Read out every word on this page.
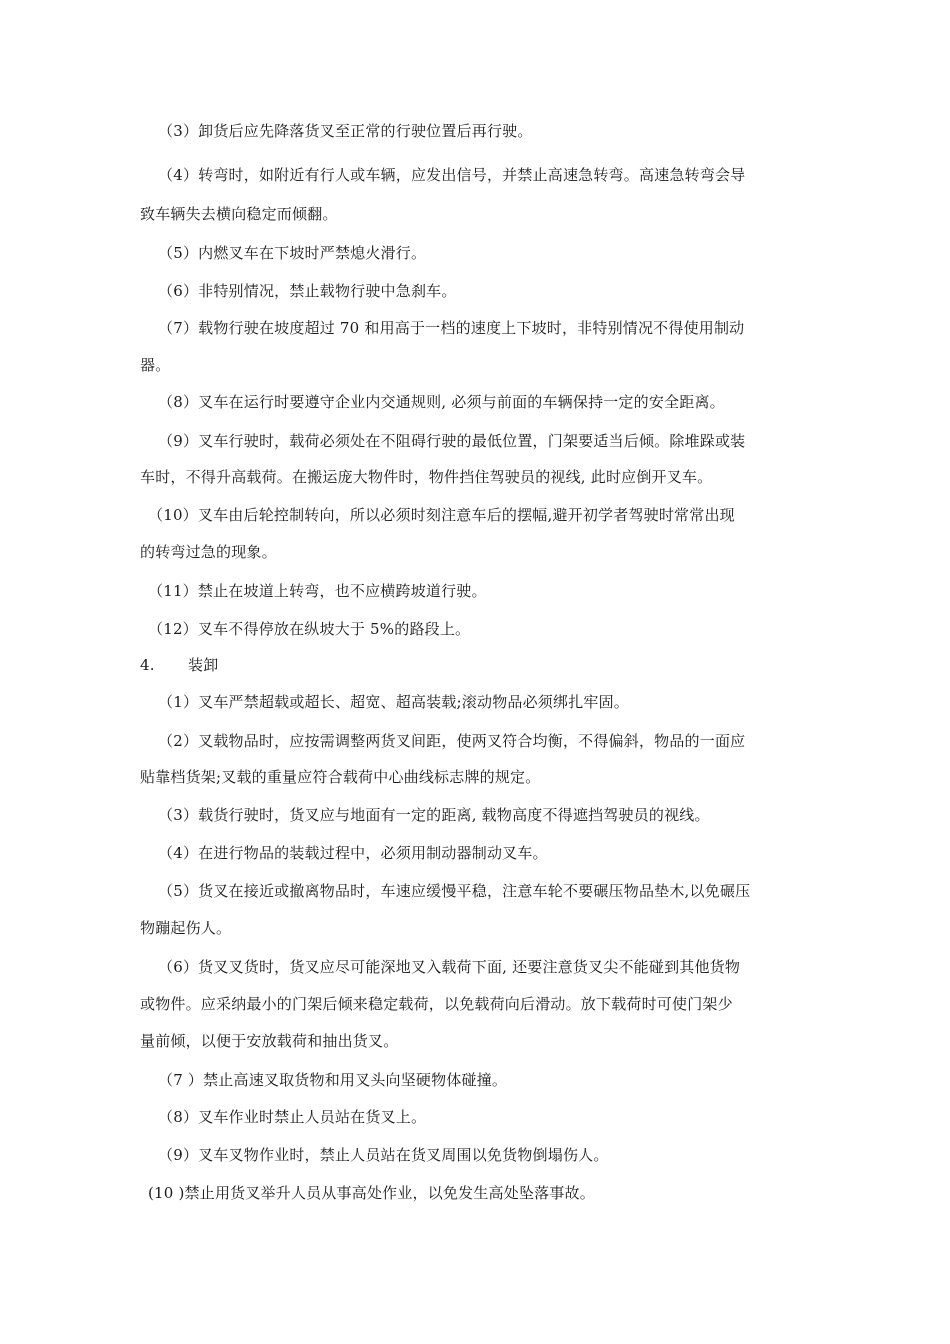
（3）卸货后应先降落货叉至正常的行驶位置后再行驶。
（4）转弯时，如附近有行人或车辆，应发出信号，并禁止高速急转弯。高速急转弯会导
致车辆失去横向稳定而倾翻。
（5）内燃叉车在下坡时严禁熄火滑行。
（6）非特别情况，禁止载物行驶中急刹车。
（7）载物行驶在坡度超过 70 和用高于一档的速度上下坡时，非特别情况不得使用制动
器。
（8）叉车在运行时要遵守企业内交通规则, 必须与前面的车辆保持一定的安全距离。
（9）叉车行驶时，载荷必须处在不阻碍行驶的最低位置，门架要适当后倾。除堆跺或装
车时，不得升高载荷。在搬运庞大物件时，物件挡住驾驶员的视线, 此时应倒开叉车。
（10）叉车由后轮控制转向，所以必须时刻注意车后的摆幅,避开初学者驾驶时常常出现
的转弯过急的现象。
（11）禁止在坡道上转弯，也不应横跨坡道行驶。
（12）叉车不得停放在纵坡大于 5%的路段上。
4. 装卸
（1）叉车严禁超载或超长、超宽、超高装载;滚动物品必须绑扎牢固。
（2）叉载物品时，应按需调整两货叉间距，使两叉符合均衡，不得偏斜，物品的一面应
贴靠档货架;叉载的重量应符合载荷中心曲线标志牌的规定。
（3）载货行驶时，货叉应与地面有一定的距离, 载物高度不得遮挡驾驶员的视线。
（4）在进行物品的装载过程中，必须用制动器制动叉车。
（5）货叉在接近或撤离物品时，车速应缓慢平稳，注意车轮不要碾压物品垫木,以免碾压
物蹦起伤人。
（6）货叉叉货时，货叉应尽可能深地叉入载荷下面, 还要注意货叉尖不能碰到其他货物
或物件。应采纳最小的门架后倾来稳定载荷，以免载荷向后滑动。放下载荷时可使门架少
量前倾，以便于安放载荷和抽出货叉。
（7 ）禁止高速叉取货物和用叉头向坚硬物体碰撞。
（8）叉车作业时禁止人员站在货叉上。
（9）叉车叉物作业时，禁止人员站在货叉周围以免货物倒塌伤人。
(10 )禁止用货叉举升人员从事高处作业，以免发生高处坠落事故。
